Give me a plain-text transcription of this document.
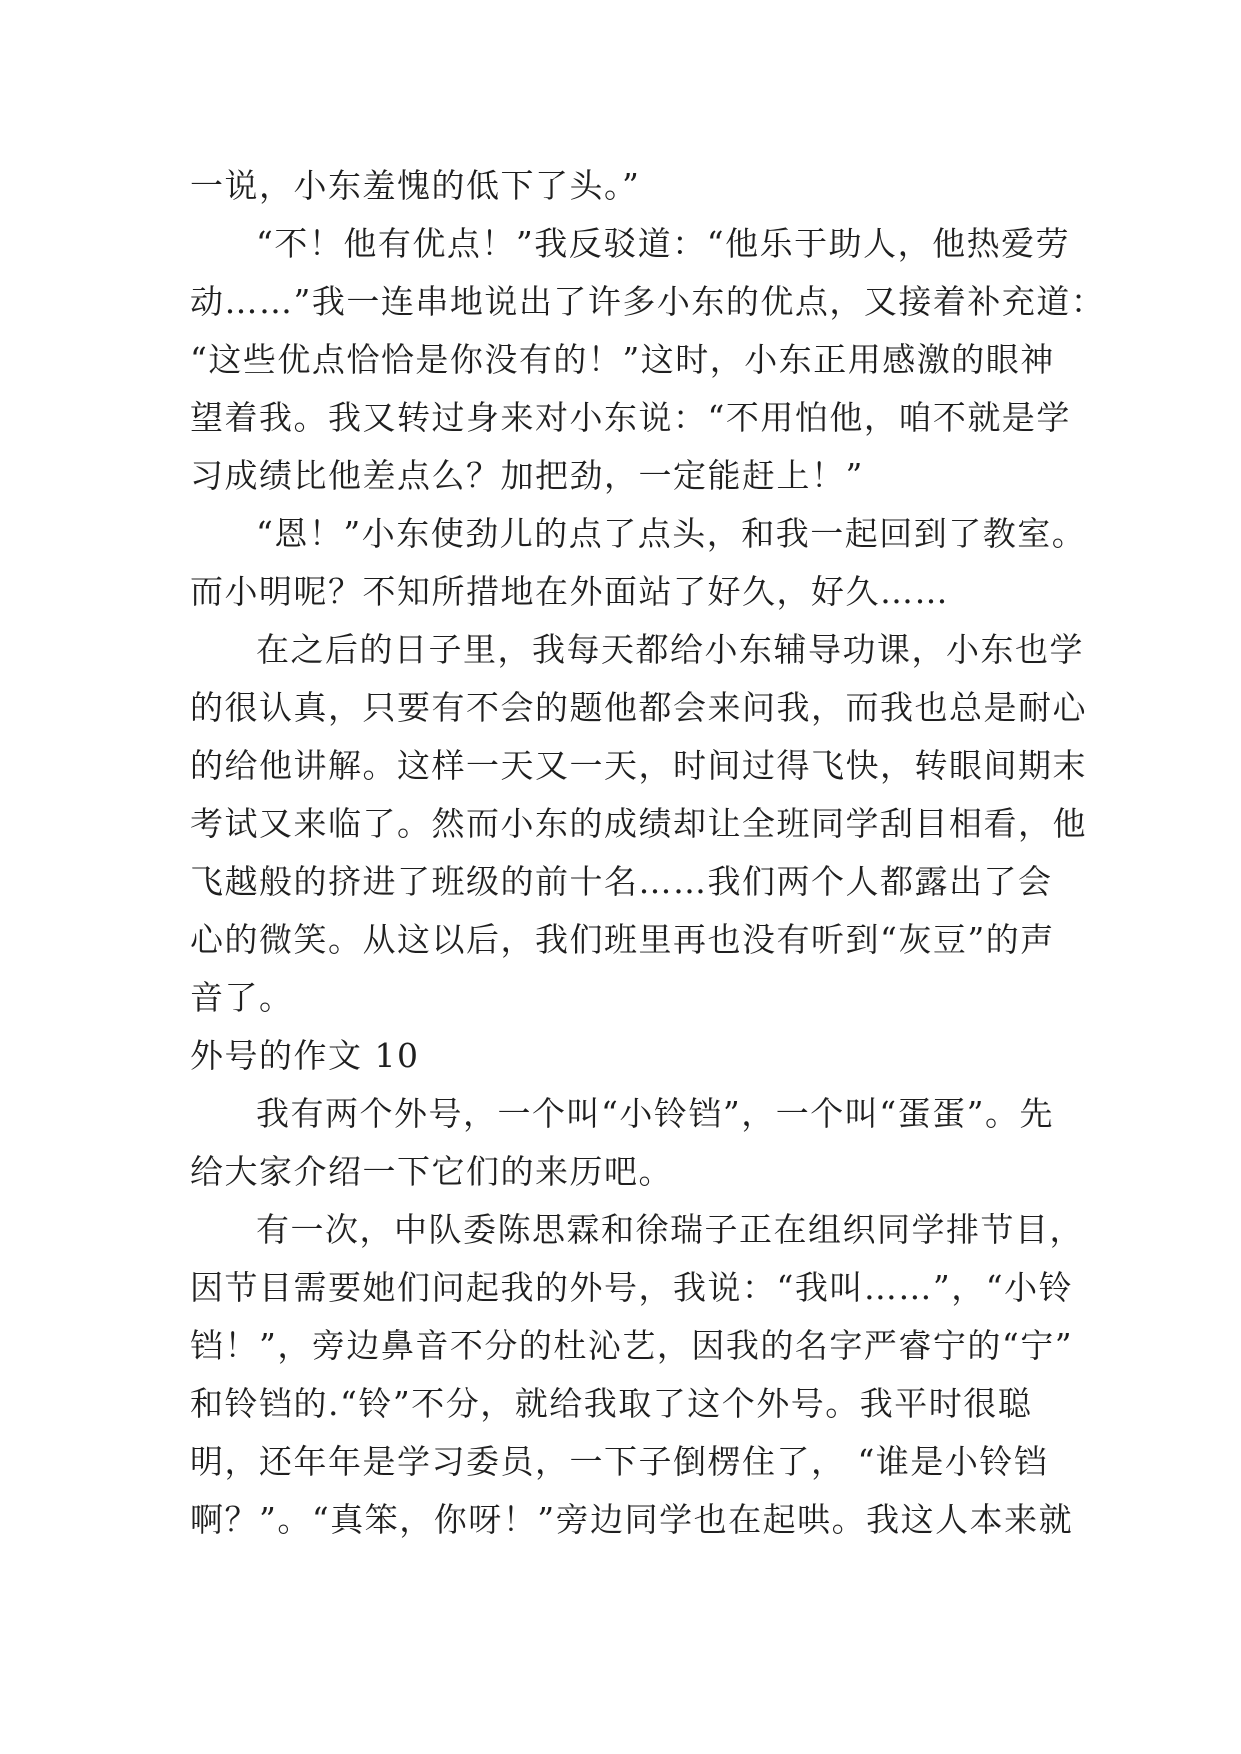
一说，小东羞愧的低下了头。”
“不！他有优点！”我反驳道：“他乐于助人，他热爱劳
动……”我一连串地说出了许多小东的优点，又接着补充道：
“这些优点恰恰是你没有的！”这时，小东正用感激的眼神
望着我。我又转过身来对小东说：“不用怕他，咱不就是学
习成绩比他差点么？加把劲，一定能赶上！”
“恩！”小东使劲儿的点了点头，和我一起回到了教室。
而小明呢？不知所措地在外面站了好久，好久……
在之后的日子里，我每天都给小东辅导功课，小东也学
的很认真，只要有不会的题他都会来问我，而我也总是耐心
的给他讲解。这样一天又一天，时间过得飞快，转眼间期末
考试又来临了。然而小东的成绩却让全班同学刮目相看，他
飞越般的挤进了班级的前十名……我们两个人都露出了会
心的微笑。从这以后，我们班里再也没有听到“灰豆”的声
音了。
外号的作文 10
我有两个外号，一个叫“小铃铛”，一个叫“蛋蛋”。先
给大家介绍一下它们的来历吧。
有一次，中队委陈思霖和徐瑞子正在组织同学排节目，
因节目需要她们问起我的外号，我说：“我叫……”，“小铃
铛！”，旁边鼻音不分的杜沁艺，因我的名字严睿宁的“宁”
和铃铛的.“铃”不分，就给我取了这个外号。我平时很聪
明，还年年是学习委员，一下子倒楞住了， “谁是小铃铛
啊？”。“真笨，你呀！”旁边同学也在起哄。我这人本来就
